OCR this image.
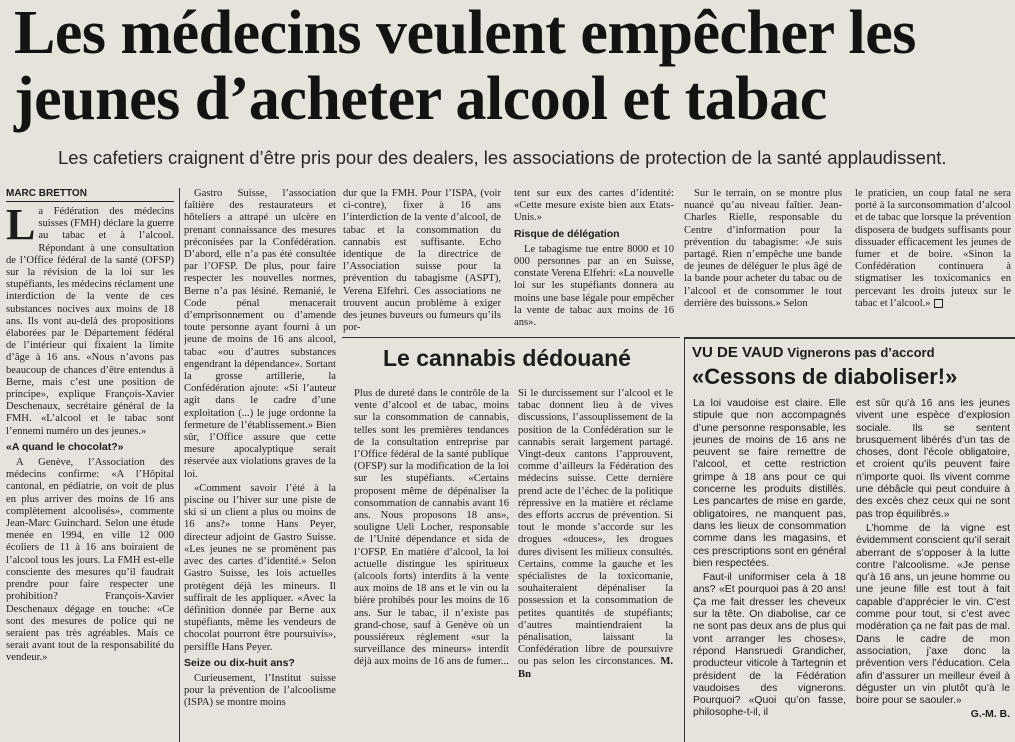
Les médecins veulent empêcher les jeunes d’acheter alcool et tabac
Les cafetiers craignent d’être pris pour des dealers, les associations de protection de la santé applaudissent.
MARC BRETTON

La Fédération des médecins suisses (FMH) déclare la guerre au tabac et à l’alcool. Répondant à une consultation de l’Office fédéral de la santé (OFSP) sur la révision de la loi sur les stupéfiants, les médecins réclament une interdiction de la vente de ces substances nocives aux moins de 18 ans. Ils vont au-delà des propositions élaborées par le Département fédéral de l’intérieur qui fixaient la limite d’âge à 16 ans. «Nous n’avons pas beaucoup de chances d’être entendus à Berne, mais c’est une position de principe», explique François-Xavier Deschenaux, secrétaire général de la FMH. «L’alcool et le tabac sont l’ennemi numéro un des jeunes.»

«A quand le chocolat?»

A Genève, l’Association des médecins confirme: «A l’Hôpital cantonal, en pédiatrie, on voit de plus en plus arriver des moins de 16 ans complètement alcoolisés», commente Jean-Marc Guinchard. Selon une étude menée en 1994, en ville 12 000 écoliers de 11 à 16 ans boiraient de l’alcool tous les jours. La FMH est-elle consciente des mesures qu’il faudrait prendre pour faire respecter une prohibition? François-Xavier Deschenaux dégage en touche: «Ce sont des mesures de police qui ne seraient pas très agréables. Mais ce serait avant tout de la responsabilité du vendeur.»

Gastro Suisse, l’association faîtière des restaurateurs et hôteliers a attrapé un ulcère en prenant connaissance des mesures préconisées par la Confédération. D’abord, elle n’a pas été consultée par l’OFSP. De plus, pour faire respecter les nouvelles normes, Berne n’a pas lésiné. Remanié, le Code pénal menacerait d’emprisonnement ou d’amende toute personne ayant fourni à un jeune de moins de 16 ans alcool, tabac «ou d’autres substances engendrant la dépendance». Sortant la grosse artillerie, la Confédération ajoute: «Si l’auteur agit dans le cadre d’une exploitation (...) le juge ordonne la fermeture de l’établissement.» Bien sûr, l’Office assure que cette mesure apocalyptique serait réservée aux violations graves de la loi.

«Comment savoir l’été à la piscine ou l’hiver sur une piste de ski si un client a plus ou moins de 16 ans?» tonne Hans Peyer, directeur adjoint de Gastro Suisse. «Les jeunes ne se promènent pas avec des cartes d’identité.» Selon Gastro Suisse, les lois actuelles protègent déjà les mineurs. Il suffirait de les appliquer. «Avec la définition donnée par Berne aux stupéfiants, même les vendeurs de chocolat pourront être poursuivis», persiffle Hans Peyer.

Seize ou dix-huit ans?

Curieusement, l’Institut suisse pour la prévention de l’alcoolisme (ISPA) se montre moins

dur que la FMH. Pour l’ISPA, (voir ci-contre), fixer à 16 ans l’interdiction de la vente d’alcool, de tabac et la consommation du cannabis est suffisante. Echo identique de la directrice de l’Association suisse pour la prévention du tabagisme (ASPT), Verena Elfehri. Ces associations ne trouvent aucun problème à exiger des jeunes buveurs ou fumeurs qu’ils por-

tent sur eux des cartes d’identité: «Cette mesure existe bien aux Etats-Unis.»

Risque de délégation

Le tabagisme tue entre 8000 et 10 000 personnes par an en Suisse, constate Verena Elfehri: «La nouvelle loi sur les stupéfiants donnera au moins une base légale pour empêcher la vente de tabac aux moins de 16 ans».

Sur le terrain, on se montre plus nuancé qu’au niveau faîtier. Jean-Charles Rielle, responsable du Centre d’information pour la prévention du tabagisme: «Je suis partagé. Rien n’empêche une bande de jeunes de déléguer le plus âgé de la bande pour acheter du tabac ou de l’alcool et de consommer le tout derrière des buissons.» Selon

le praticien, un coup fatal ne sera porté à la surconsommation d’alcool et de tabac que lorsque la prévention disposera de budgets suffisants pour dissuader efficacement les jeunes de fumer et de boire. «Sinon la Confédération continuera à stigmatiser les toxicomanics en percevant les droits juteux sur le tabac et l’alcool.»

Le cannabis dédouané

Plus de dureté dans le contrôle de la vente d’alcool et de tabac, moins sur la consommation de cannabis, telles sont les premières tendances de la consultation entreprise par l’Office fédéral de la santé publique (OFSP) sur la modification de la loi sur les stupéfiants. «Certains proposent même de dépénaliser la consommation de cannabis avant 16 ans. Nous proposons 18 ans», souligne Ueli Locher, responsable de l’Unité dépendance et sida de l’OFSP. En matière d’alcool, la loi actuelle distingue les spiritueux (alcools forts) interdits à la vente aux moins de 18 ans et le vin ou la bière prohibés pour les moins de 16 ans. Sur le tabac, il n’existe pas grand-chose, sauf à Genève où un poussiéreux règlement «sur la surveillance des mineurs» interdit déjà aux moins de 16 ans de fumer...

Si le durcissement sur l’alcool et le tabac donnent lieu à de vives discussions, l’assouplissement de la position de la Confédération sur le cannabis serait largement partagé. Vingt-deux cantons l’approuvent, comme d’ailleurs la Fédération des médecins suisse. Cette dernière prend acte de l’échec de la politique répressive en la matière et réclame des efforts accrus de prévention. Si tout le monde s’accorde sur les drogues «douces», les drogues dures divisent les milieux consultés. Certains, comme la gauche et les spécialistes de la toxicomanie, souhaiteraient dépénaliser la possession et la consommation de petites quantités de stupéfiants; d’autres maintiendraient la pénalisation, laissant la Confédération libre de poursuivre ou pas selon les circonstances. M. Bn

VU DE VAUD Vignerons pas d’accord
«Cessons de diaboliser!»

La loi vaudoise est claire. Elle stipule que non accompagnés d’une personne responsable, les jeunes de moins de 16 ans ne peuvent se faire remettre de l’alcool, et cette restriction grimpe à 18 ans pour ce qui concerne les produits distillés. Les pancartes de mise en garde, obligatoires, ne manquent pas, dans les lieux de consommation comme dans les magasins, et ces prescriptions sont en général bien respectées.

Faut-il uniformiser cela à 18 ans? «Et pourquoi pas à 20 ans! Ça me fait dresser les cheveux sur la tête. On diabolise, car ce ne sont pas deux ans de plus qui vont arranger les choses», répond Hansruedi Grandicher, producteur viticole à Tartegnin et président de la Fédération vaudoises des vignerons. Pourquoi? «Quoi qu’on fasse, philosophe-t-il, il

est sûr qu’à 16 ans les jeunes vivent une espèce d’explosion sociale. Ils se sentent brusquement libérés d’un tas de choses, dont l’école obligatoire, et croient qu’ils peuvent faire n’importe quoi. Ils vivent comme une débâcle qui peut conduire à des excès chez ceux qui ne sont pas trop équilibrés.»

L’homme de la vigne est évidemment conscient qu’il serait aberrant de s’opposer à la lutte contre l’alcoolisme. «Je pense qu’à 16 ans, un jeune homme ou une jeune fille est tout à fait capable d’apprécier le vin. C’est comme pour tout, si c’est avec modération ça ne fait pas de mal. Dans le cadre de mon association, j’axe donc la prévention vers l’éducation. Cela afin d’assurer un meilleur éveil à déguster un vin plutôt qu’à le boire pour se saouler.»

G.-M. B.
